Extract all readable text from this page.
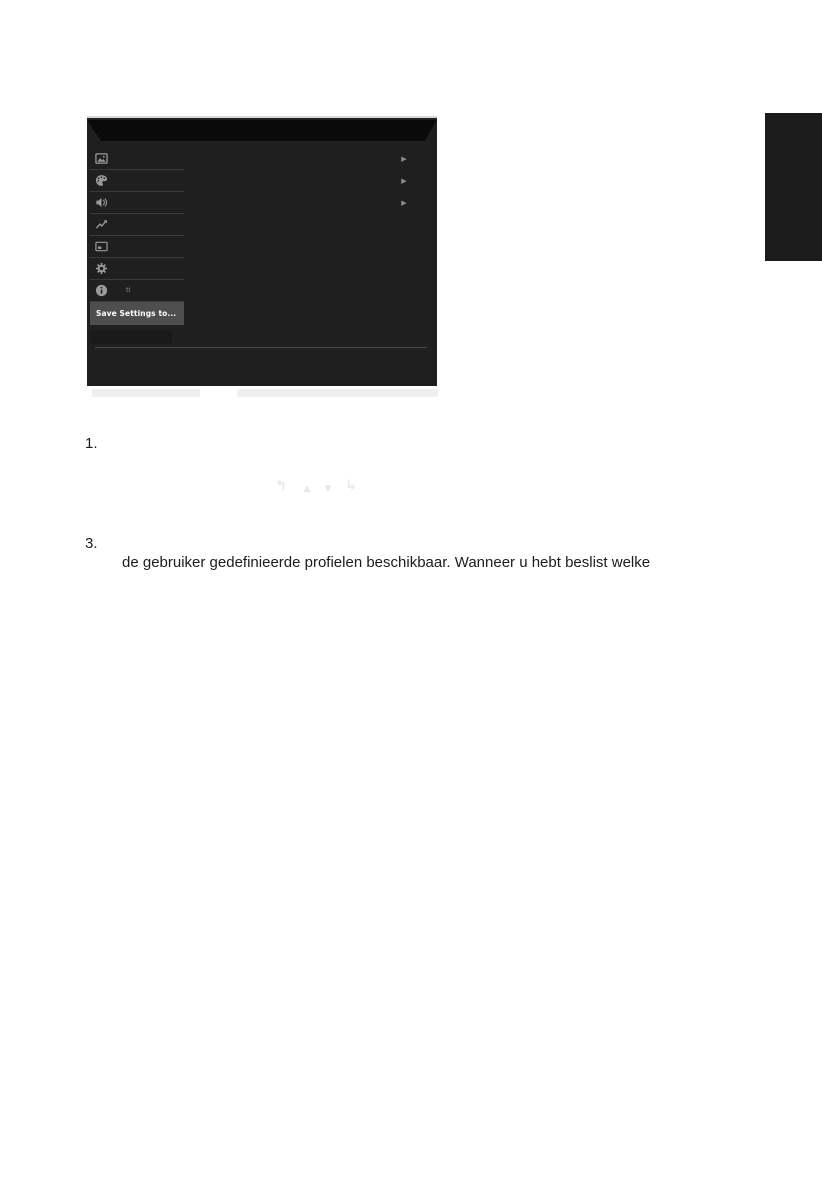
ti
Save Settings to...
▶
▶
▶
↰	▲	▼ ↳
1.
3.
de gebruiker gedefinieerde profielen beschikbaar. Wanneer u hebt beslist welke
